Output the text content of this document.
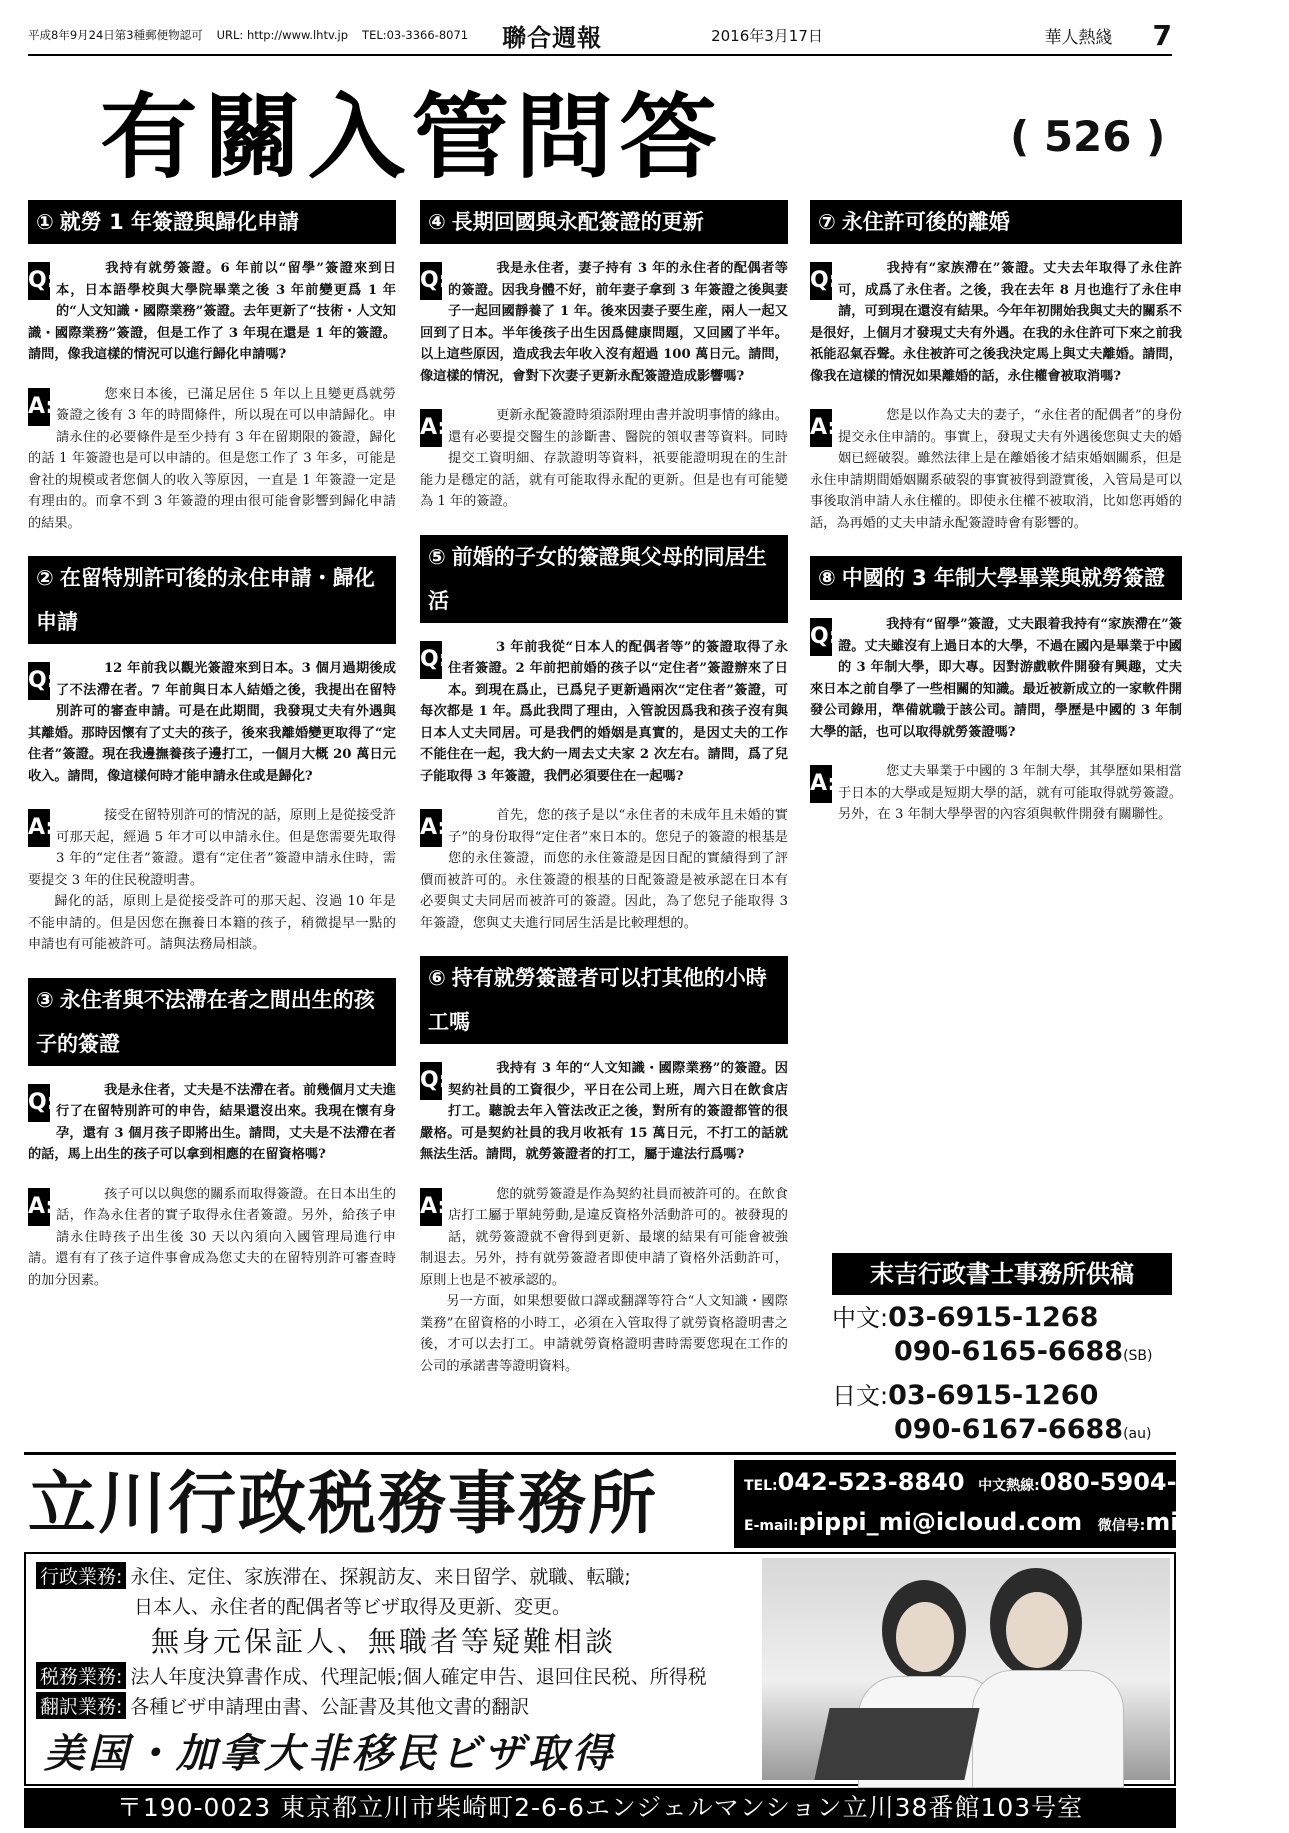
平成8年9月24日第3種郵便物認可 URL: http://www.lhtv.jp TEL:03-3366-8071 聯合週報	2016年3月17日	華人熱綫 7
有關入管問答	( 526 )
① 就勞 1 年簽證與歸化申請
Q:	我持有就勞簽證。6 年前以“留學”簽證來到日本，日本語學校與大學院畢業之後 3 年前變更爲 1 年的“人文知識・國際業務”簽證。去年更新了“技術・人文知識・國際業務”簽證，但是工作了 3 年現在還是 1 年的簽證。請問，像我這樣的情況可以進行歸化申請嗎?
A:	您來日本後，已滿足居住 5 年以上且變更爲就勞簽證之後有 3 年的時間條件，所以現在可以申請歸化。申請永住的必要條件是至少持有 3 年在留期限的簽證，歸化的話 1 年簽證也是可以申請的。但是您工作了 3 年多，可能是會社的規模或者您個人的收入等原因，一直是 1 年簽證一定是有理由的。而拿不到 3 年簽證的理由很可能會影響到歸化申請的結果。
② 在留特別許可後的永住申請・歸化申請
Q:	12 年前我以觀光簽證來到日本。3 個月過期後成了不法滯在者。7 年前與日本人結婚之後，我提出在留特別許可的審查申請。可是在此期間，我發現丈夫有外遇與其離婚。那時因懷有了丈夫的孩子，後來我離婚變更取得了“定住者”簽證。現在我邊撫養孩子邊打工，一個月大概 20 萬日元收入。請問，像這樣何時才能申請永住或是歸化?
A:	接受在留特別許可的情況的話，原則上是從接受許可那天起，經過 5 年才可以申請永住。但是您需要先取得 3 年的“定住者”簽證。還有“定住者”簽證申請永住時，需要提交 3 年的住民稅證明書。
歸化的話，原則上是從接受許可的那天起、沒過 10 年是不能申請的。但是因您在撫養日本籍的孩子，稍微提早一點的申請也有可能被許可。請與法務局相談。
③ 永住者與不法滯在者之間出生的孩子的簽證
Q:	我是永住者，丈夫是不法滯在者。前幾個月丈夫進行了在留特別許可的申告，結果還沒出來。我現在懷有身孕，還有 3 個月孩子即將出生。請問，丈夫是不法滯在者的話，馬上出生的孩子可以拿到相應的在留資格嗎?
A:	孩子可以以與您的關系而取得簽證。在日本出生的話，作為永住者的實子取得永住者簽證。另外，給孩子申請永住時孩子出生後 30 天以內須向入國管理局進行申請。還有有了孩子這件事會成為您丈夫的在留特別許可審查時的加分因素。
④ 長期回國與永配簽證的更新
Q:	我是永住者，妻子持有 3 年的永住者的配偶者等的簽證。因我身體不好，前年妻子拿到 3 年簽證之後與妻子一起回國靜養了 1 年。後來因妻子要生産，兩人一起又回到了日本。半年後孩子出生因爲健康問題，又回國了半年。以上這些原因，造成我去年收入沒有超過 100 萬日元。請問，像這樣的情況，會對下次妻子更新永配簽證造成影響嗎?
A:	更新永配簽證時須添附理由書并說明事情的緣由。還有必要提交醫生的診斷書、醫院的領収書等資料。同時提交工資明細、存款證明等資料，祇要能證明現在的生計能力是穩定的話，就有可能取得永配的更新。但是也有可能變為 1 年的簽證。
⑤ 前婚的子女的簽證與父母的同居生活
Q:	3 年前我從“日本人的配偶者等”的簽證取得了永住者簽證。2 年前把前婚的孩子以“定住者”簽證辦來了日本。到現在爲止，已爲兒子更新過兩次“定住者”簽證，可每次都是 1 年。爲此我問了理由，入管說因爲我和孩子沒有與日本人丈夫同居。可是我們的婚姻是真實的，是因丈夫的工作不能住在一起，我大約一周去丈夫家 2 次左右。請問，爲了兒子能取得 3 年簽證，我們必須要住在一起嗎?
A:	首先，您的孩子是以“永住者的未成年且未婚的實子”的身份取得“定住者”來日本的。您兒子的簽證的根基是您的永住簽證，而您的永住簽證是因日配的實績得到了評價而被許可的。永住簽證的根基的日配簽證是被承認在日本有必要與丈夫同居而被許可的簽證。因此，為了您兒子能取得 3 年簽證，您與丈夫進行同居生活是比較理想的。
⑥ 持有就勞簽證者可以打其他的小時工嗎
Q:	我持有 3 年的“人文知識・國際業務”的簽證。因契約社員的工資很少，平日在公司上班，周六日在飲食店打工。聽說去年入管法改正之後，對所有的簽證都管的很嚴格。可是契約社員的我月收祇有 15 萬日元，不打工的話就無法生活。請問，就勞簽證者的打工，屬于違法行爲嗎?
A:	您的就勞簽證是作為契約社員而被許可的。在飲食店打工屬于單純勞動,是違反資格外活動許可的。被發現的話，就勞簽證就不會得到更新、最壞的結果有可能會被強制退去。另外，持有就勞簽證者即使申請了資格外活動許可，原則上也是不被承認的。
另一方面，如果想要做口譯或翻譯等符合“人文知識・國際業務”在留資格的小時工，必須在入管取得了就勞資格證明書之後，才可以去打工。申請就勞資格證明書時需要您現在工作的公司的承諾書等證明資料。
⑦ 永住許可後的離婚
Q:	我持有“家族滯在”簽證。丈夫去年取得了永住許可，成爲了永住者。之後，我在去年 8 月也進行了永住申請，可到現在還沒有結果。今年年初開始我與丈夫的關系不是很好，上個月才發現丈夫有外遇。在我的永住許可下來之前我祇能忍氣吞聲。永住被許可之後我決定馬上與丈夫離婚。請問，像我在這樣的情況如果離婚的話，永住權會被取消嗎?
A:	您是以作為丈夫的妻子，“永住者的配偶者”的身份提交永住申請的。事實上，發現丈夫有外遇後您與丈夫的婚姻已經破裂。雖然法律上是在離婚後才結束婚姻關系，但是永住申請期間婚姻關系破裂的事實被得到證實後，入管局是可以事後取消申請人永住權的。即使永住權不被取消，比如您再婚的話，為再婚的丈夫申請永配簽證時會有影響的。
⑧ 中國的 3 年制大學畢業與就勞簽證
Q:	我持有“留學”簽證，丈夫跟着我持有“家族滯在”簽證。丈夫雖沒有上過日本的大學，不過在國內是畢業于中國的 3 年制大學，即大專。因對游戲軟件開發有興趣，丈夫來日本之前自學了一些相關的知識。最近被新成立的一家軟件開發公司錄用，準備就職于該公司。請問，學歷是中國的 3 年制大學的話，也可以取得就勞簽證嗎?
A:	您丈夫畢業于中國的 3 年制大學，其學歷如果相當于日本的大學或是短期大學的話，就有可能取得就勞簽證。另外，在 3 年制大學學習的內容須與軟件開發有關聯性。
末吉行政書士事務所供稿
中文:03-6915-1268
090-6165-6688(SB)
日文:03-6915-1260
090-6167-6688(au)
立川行政税務事務所	TEL:042-523-8840 中文熱線:080-5904-5858
E-mail:pippi_mi@icloud.com 微信号:miho-5858
行政業務: 永住、定住、家族滞在、探親訪友、来日留学、就職、転職;
日本人、永住者的配偶者等ビザ取得及更新、変更。
無身元保証人、無職者等疑難相談
税務業務: 法人年度決算書作成、代理記帳;個人確定申告、退回住民税、所得税
翻訳業務: 各種ビザ申請理由書、公証書及其他文書的翻訳
美国・加拿大非移民ビザ取得
〒190-0023 東京都立川市柴崎町2-6-6エンジェルマンション立川38番館103号室
